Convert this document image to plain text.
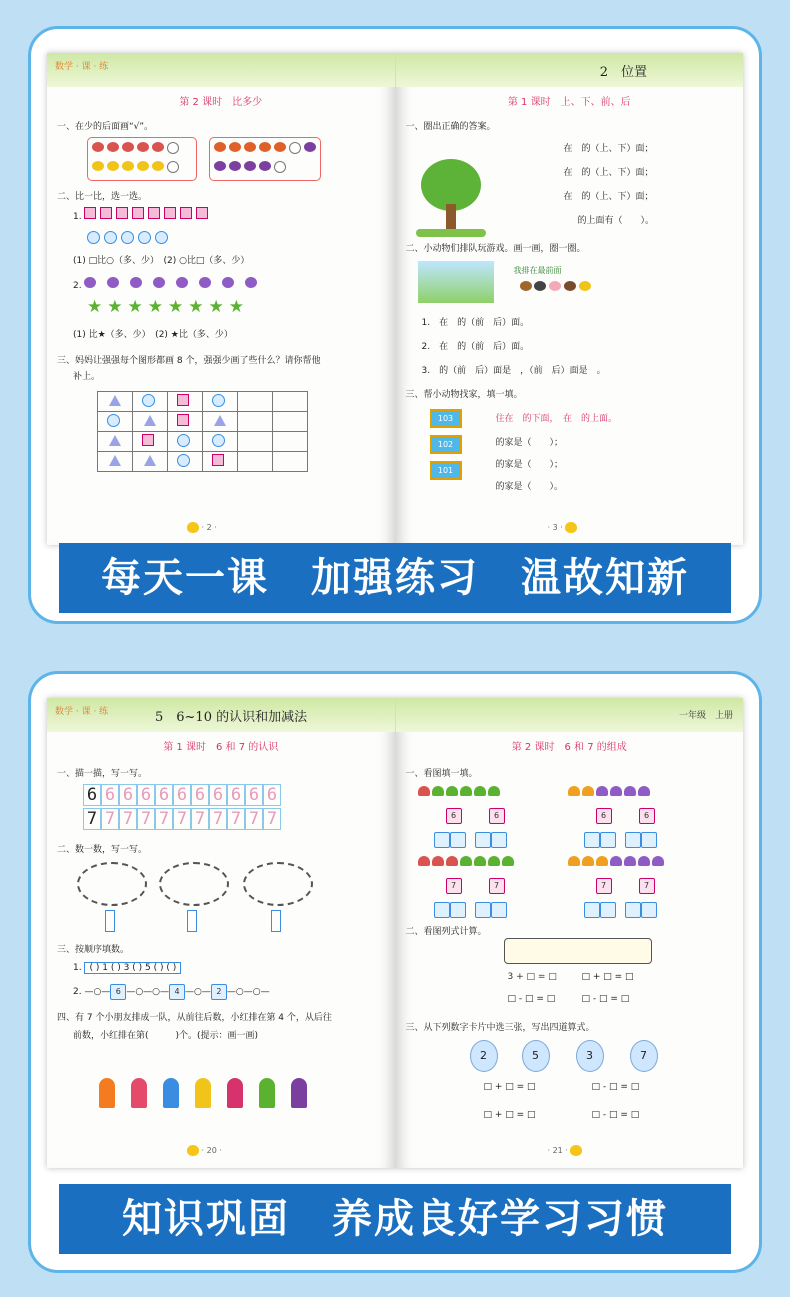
数学 · 课 · 练
第 2 课时　比多少
一、在少的后面画“√”。
二、比一比，选一选。
1.
(1) □比○（多、少）　(2) ○比□（多、少）
2.
★ ★ ★ ★ ★ ★ ★ ★
(1) 比★（多、少）　(2) ★比（多、少）
三、妈妈让强强每个图形都画 8 个，强强少画了些什么？请你帮他
补上。

· 2 ·
2　位置
第 1 课时　上、下、前、后
一、圈出正确的答案。
在　的（上、下）面；
在　的（上、下）面；
在　的（上、下）面；
的上面有（　　）。
二、小动物们排队玩游戏。画一画，圈一圈。
我排在最前面

1.　在　的（前　后）面。
2.　在　的（前　后）面。
3.　的（前　后）面是　，（前　后）面是　。
三、帮小动物找家，填一填。
103
102
101
住在　的下面，　在　的上面。
的家是（　　）；
的家是（　　）；
的家是（　　）。
· 3 ·
每天一课　加强练习　温故知新
数学 · 课 · 练	5　6~10 的认识和加减法
第 1 课时　6 和 7 的认识
一、描一描，写一写。
6 6 6 6 6 6 6 6 6 6 6
7 7 7 7 7 7 7 7 7 7 7
二、数一数，写一写。
三、按顺序填数。
1. ( ) 1 ( ) 3 ( ) 5 ( ) ( )
2. —○— 6 —○—○— 4 —○— 2 —○—○—
四、有 7 个小朋友排成一队，从前往后数，小红排在第 4 个，从后往
前数，小红排在第(　　　)个。(提示：画一画)
· 20 ·
一年级　上册
第 2 课时　6 和 7 的组成
一、看图填一填。
6　　　	6	6　　　	6

7　　　	7	7　　　	7

二、看图列式计算。
3 + □ = □	□ + □ = □
□ - □ = □	□ - □ = □
三、从下列数字卡片中选三张，写出四道算式。
2	5	3	7
□ + □ = □	□ - □ = □
□ + □ = □	□ - □ = □
· 21 ·
知识巩固　养成良好学习习惯
